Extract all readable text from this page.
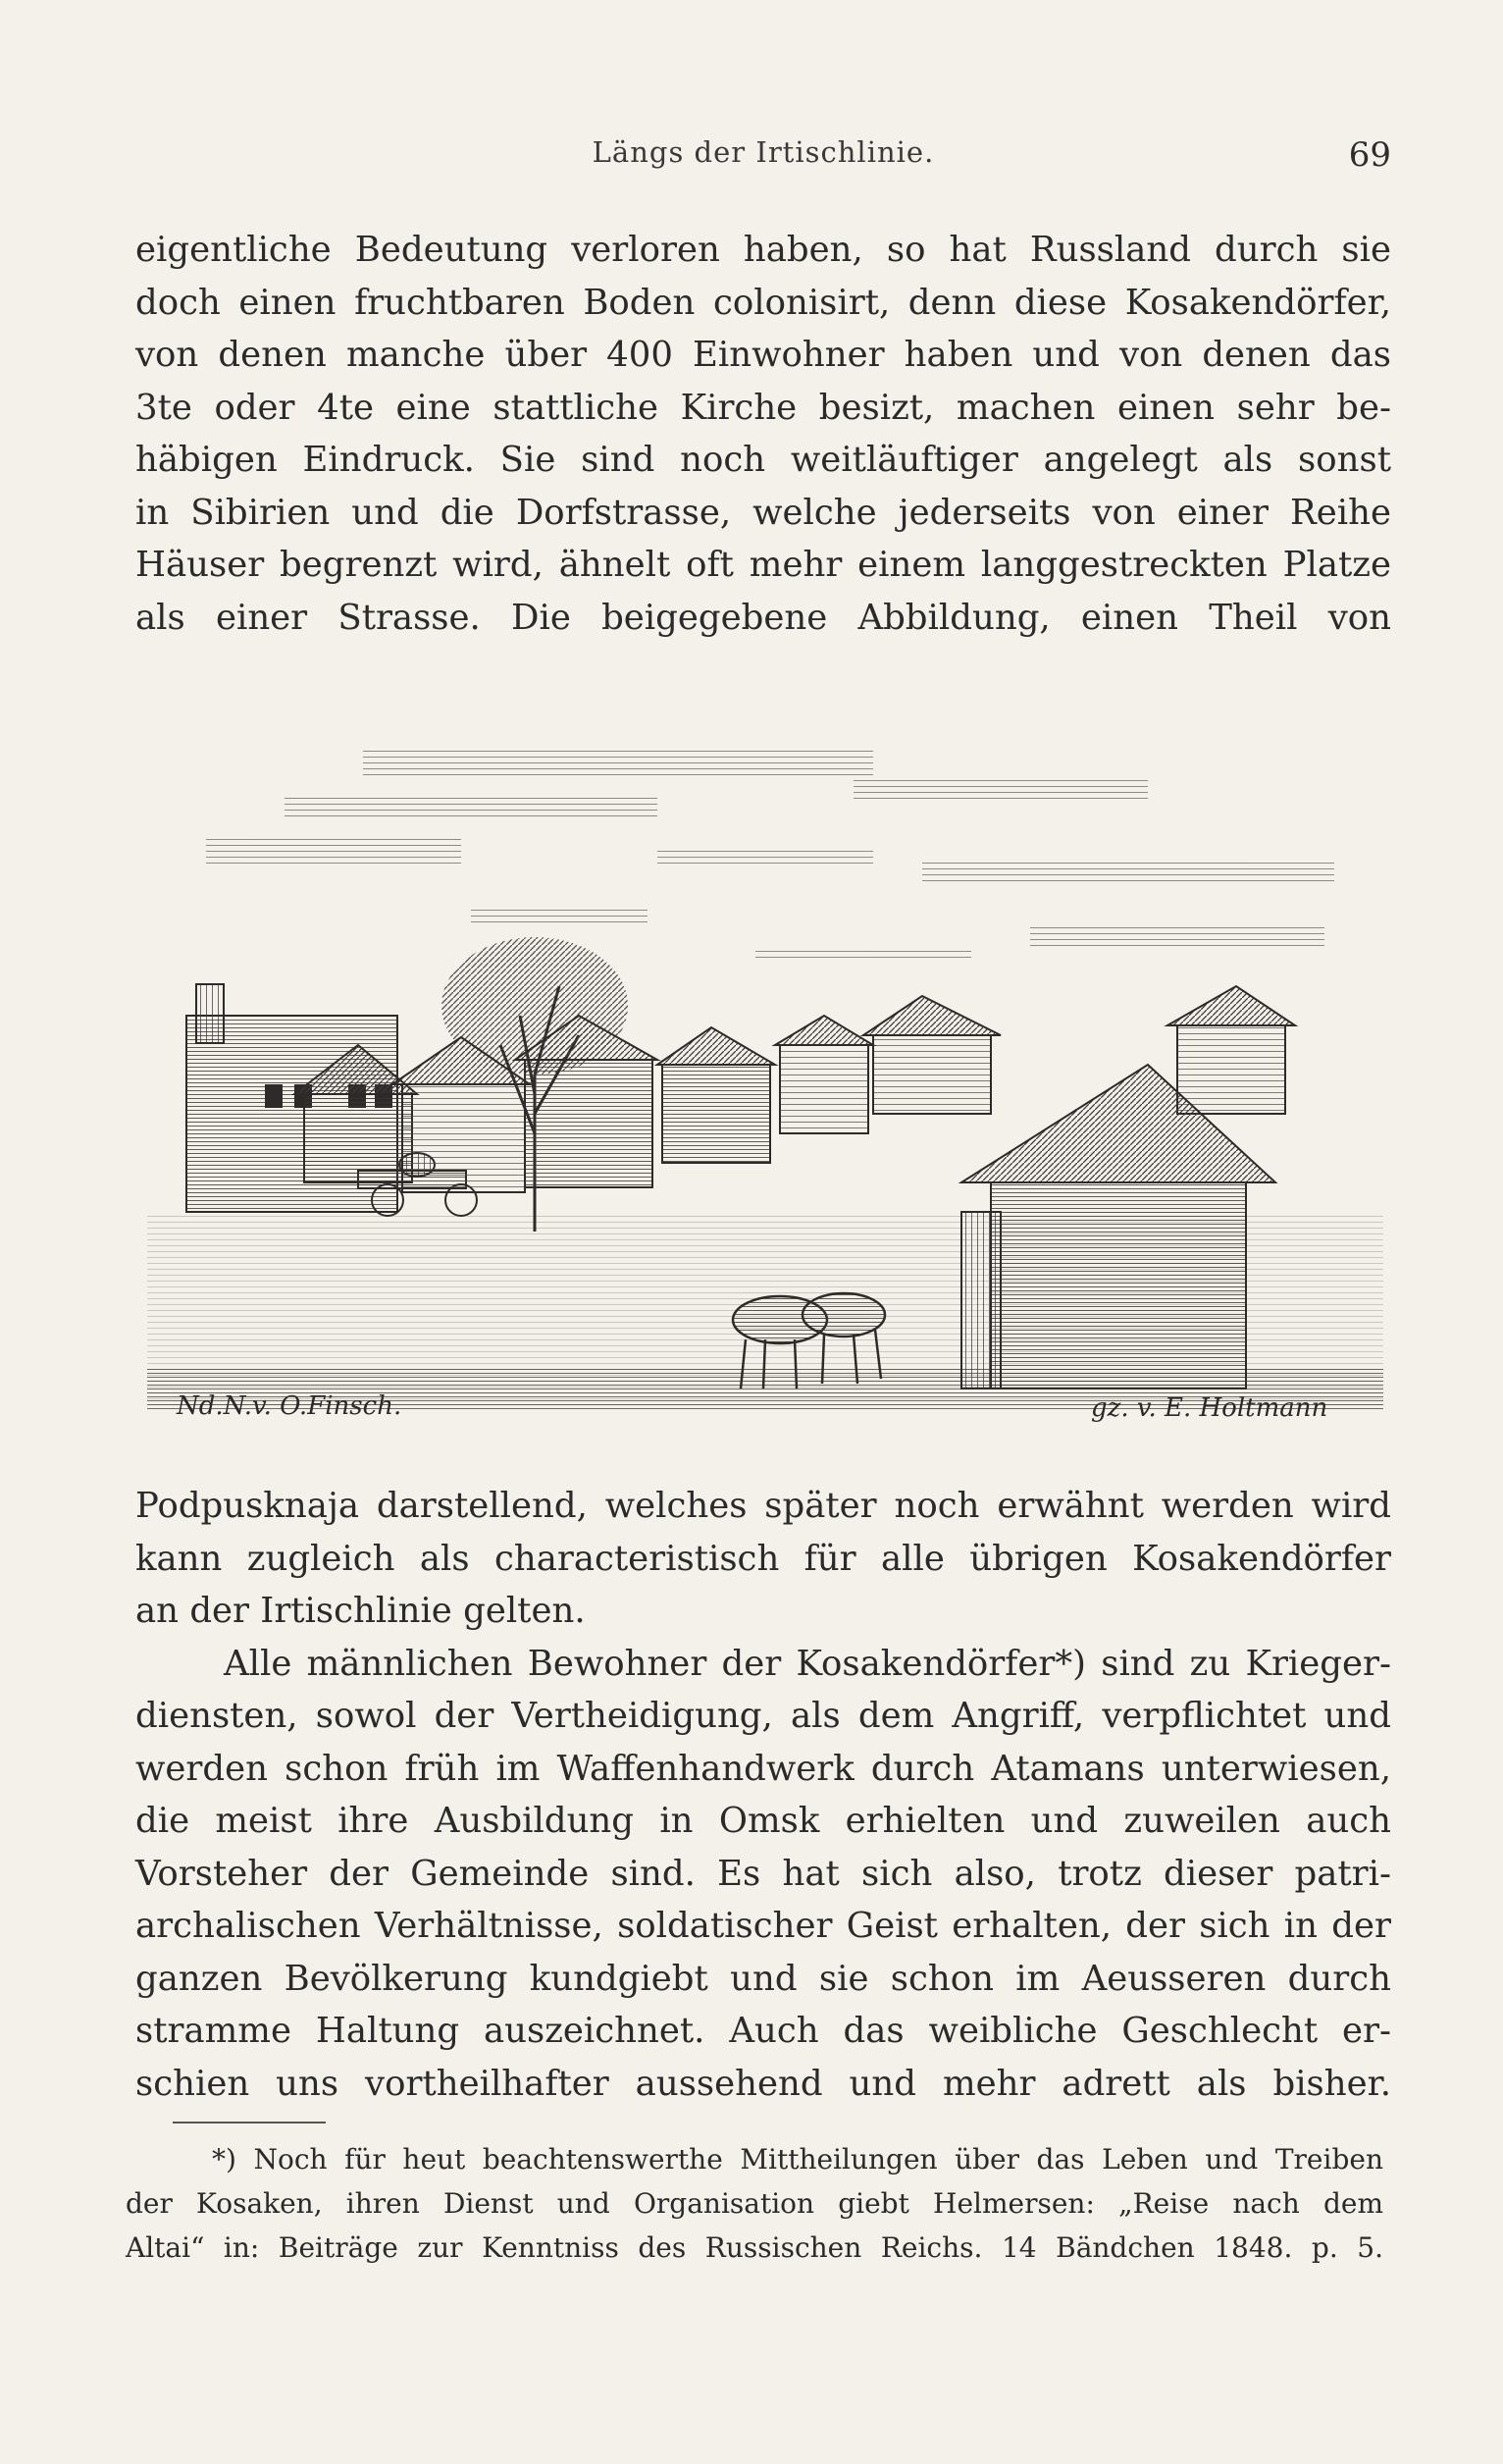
Längs der Irtischlinie.	69
eigentliche Bedeutung verloren haben, so hat Russland durch sie
doch einen fruchtbaren Boden colonisirt, denn diese Kosakendörfer,
von denen manche über 400 Einwohner haben und von denen das
3te oder 4te eine stattliche Kirche besizt, machen einen sehr be-
häbigen Eindruck. Sie sind noch weitläuftiger angelegt als sonst
in Sibirien und die Dorfstrasse, welche jederseits von einer Reihe
Häuser begrenzt wird, ähnelt oft mehr einem langgestreckten Platze
als einer Strasse. Die beigegebene Abbildung, einen Theil von
Nd.N.v. O.Finsch.	gz. v. E. Holtmann
Podpusknaja darstellend, welches später noch erwähnt werden wird
kann zugleich als characteristisch für alle übrigen Kosakendörfer
an der Irtischlinie gelten.
Alle männlichen Bewohner der Kosakendörfer*) sind zu Krieger-
diensten, sowol der Vertheidigung, als dem Angriff, verpflichtet und
werden schon früh im Waffenhandwerk durch Atamans unterwiesen,
die meist ihre Ausbildung in Omsk erhielten und zuweilen auch
Vorsteher der Gemeinde sind. Es hat sich also, trotz dieser patri-
archalischen Verhältnisse, soldatischer Geist erhalten, der sich in der
ganzen Bevölkerung kundgiebt und sie schon im Aeusseren durch
stramme Haltung auszeichnet. Auch das weibliche Geschlecht er-
schien uns vortheilhafter aussehend und mehr adrett als bisher.
*) Noch für heut beachtenswerthe Mittheilungen über das Leben und Treiben
der Kosaken, ihren Dienst und Organisation giebt Helmersen: „Reise nach dem
Altai“ in: Beiträge zur Kenntniss des Russischen Reichs. 14 Bändchen 1848. p. 5.
